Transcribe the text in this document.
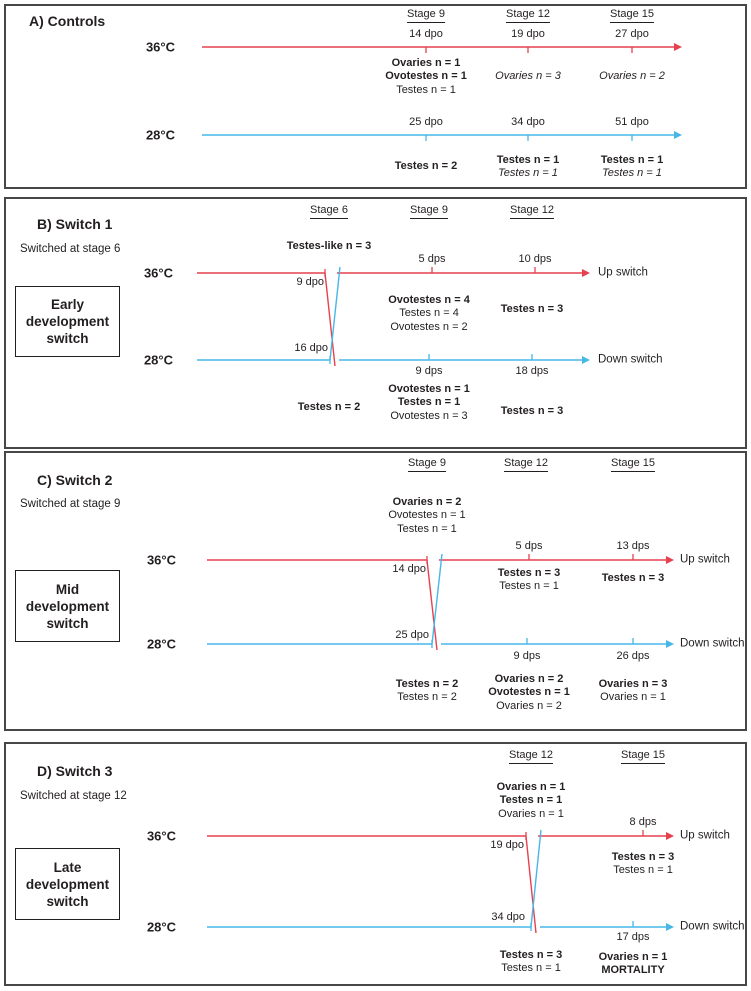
A) Controls	Stage 9	Stage 12	Stage 15
36°C
14 dpo	19 dpo	27 dpo
28°C
25 dpo	34 dpo	51 dpo
Ovaries n = 1
Ovotestes n = 1
Testes n = 1
Ovaries n = 3	Ovaries n = 2
Testes n = 2	Testes n = 1
Testes n = 1
Testes n = 1
Testes n = 1
B) Switch 1
Switched at stage 6
Early development switch
Stage 6	Stage 9	Stage 12
36°C
5 dps	10 dps
9 dpo
Up switch
28°C
9 dps	18 dps
16 dpo
Down switch
Testes-like n = 3
Ovotestes n = 4
Testes n = 4
Ovotestes n = 2
Testes n = 3
Testes n = 2
Ovotestes n = 1
Testes n = 1
Ovotestes n = 3	Testes n = 3
C) Switch 2
Switched at stage 9
Mid development switch
Stage 9	Stage 12	Stage 15
36°C
5 dps	13 dps
14 dpo
Up switch
28°C
9 dps	26 dps
25 dpo
Down switch
Ovaries n = 2
Ovotestes n = 1
Testes n = 1
Testes n = 3
Testes n = 1
Testes n = 3
Testes n = 2
Testes n = 2
Ovaries n = 2
Ovotestes n = 1
Ovaries n = 2
Ovaries n = 3
Ovaries n = 1
D) Switch 3
Switched at stage 12
Late development switch
Stage 12	Stage 15
36°C
8 dps
19 dpo
Up switch
28°C
17 dps
34 dpo
Down switch
Ovaries n = 1
Testes n = 1
Ovaries n = 1
Testes n = 3
Testes n = 1
Testes n = 3
Testes n = 1
Ovaries n = 1
MORTALITY
